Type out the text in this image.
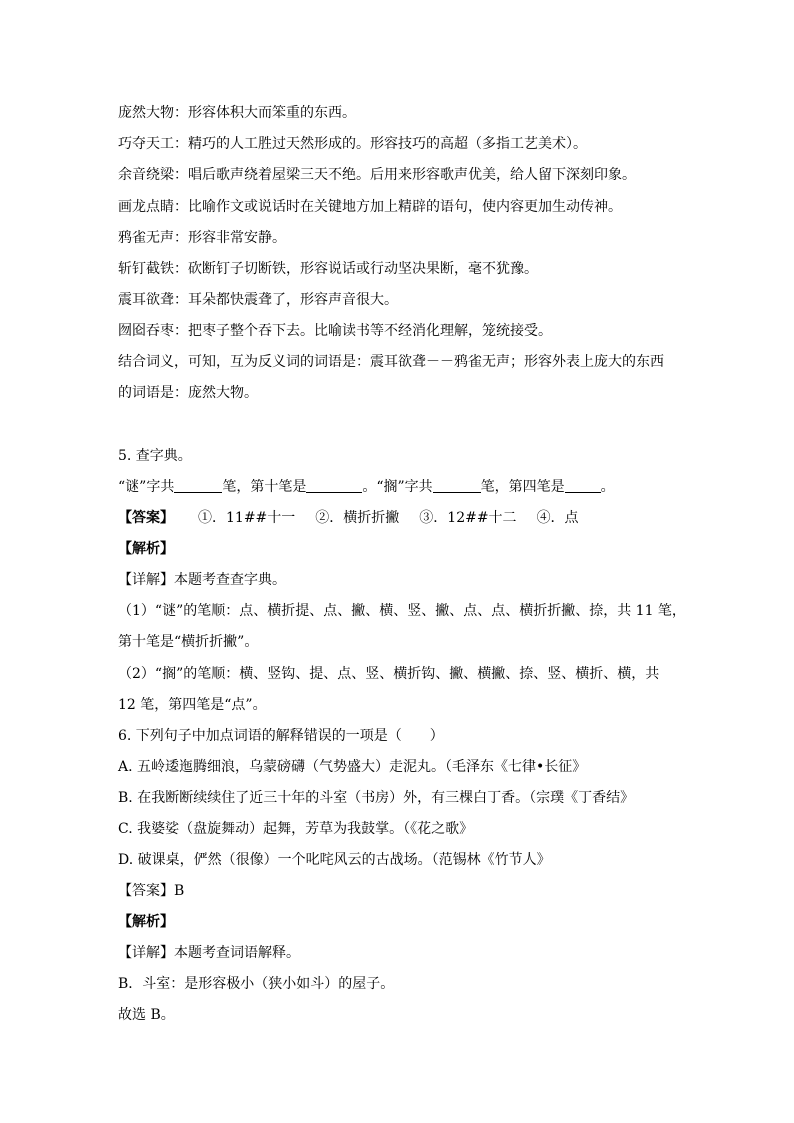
庞然大物：形容体积大而笨重的东西。
巧夺天工：精巧的人工胜过天然形成的。形容技巧的高超（多指工艺美术）。
余音绕梁：唱后歌声绕着屋梁三天不绝。后用来形容歌声优美，给人留下深刻印象。
画龙点睛：比喻作文或说话时在关键地方加上精辟的语句，使内容更加生动传神。
鸦雀无声：形容非常安静。
斩钉截铁：砍断钉子切断铁，形容说话或行动坚决果断，毫不犹豫。
震耳欲聋：耳朵都快震聋了，形容声音很大。
囫囵吞枣：把枣子整个吞下去。比喻读书等不经消化理解，笼统接受。
结合词义，可知，互为反义词的词语是：震耳欲聋－－鸦雀无声；形容外表上庞大的东西
的词语是：庞然大物。
5. 查字典。
“谜”字共	笔，第十笔是	。“搁”字共	笔，第四笔是	。
【答案】 ①．11##十一 ②．横折折撇 ③．12##十二 ④．点
【解析】
【详解】本题考查查字典。
（1）“谜”的笔顺：点、横折提、点、撇、横、竖、撇、点、点、横折折撇、捺，共 11 笔，
第十笔是“横折折撇”。
（2）“搁”的笔顺：横、竖钩、提、点、竖、横折钩、撇、横撇、捺、竖、横折、横，共
12 笔，第四笔是“点”。
6. 下列句子中加点词语的解释错误的一项是（　　）
A. 五岭逶迤腾细浪，乌蒙磅礴（气势盛大）走泥丸。（毛泽东《七律•长征》
B. 在我断断续续住了近三十年的斗室（书房）外，有三棵白丁香。（宗璞《丁香结》
C. 我婆娑（盘旋舞动）起舞，芳草为我鼓掌。（《花之歌》
D. 破课桌，俨然（很像）一个叱咤风云的古战场。（范锡林《竹节人》
【答案】B
【解析】
【详解】本题考查词语解释。
B．斗室：是形容极小（狭小如斗）的屋子。
故选 B。
